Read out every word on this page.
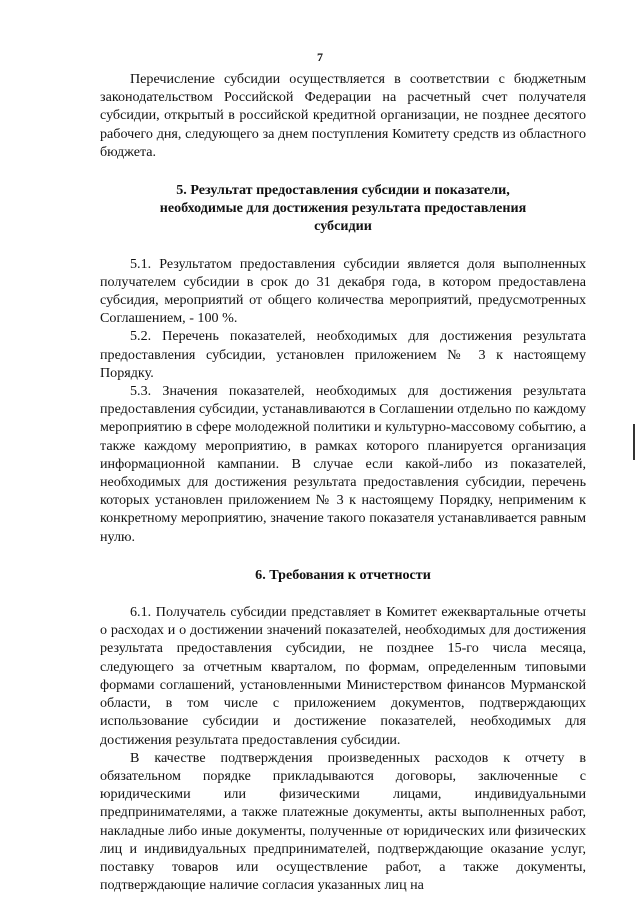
7

Перечисление субсидии осуществляется в соответствии с бюджетным законодательством Российской Федерации на расчетный счет получателя субсидии, открытый в российской кредитной организации, не позднее десятого рабочего дня, следующего за днем поступления Комитету средств из областного бюджета.

5. Результат предоставления субсидии и показатели,
необходимые для достижения результата предоставления
субсидии

5.1. Результатом предоставления субсидии является доля выполненных получателем субсидии в срок до 31 декабря года, в котором предоставлена субсидия, мероприятий от общего количества мероприятий, предусмотренных Соглашением, - 100 %.

5.2. Перечень показателей, необходимых для достижения результата предоставления субсидии, установлен приложением № 3 к настоящему Порядку.

5.3. Значения показателей, необходимых для достижения результата предоставления субсидии, устанавливаются в Соглашении отдельно по каждому мероприятию в сфере молодежной политики и культурно-массовому событию, а также каждому мероприятию, в рамках которого планируется организация информационной кампании. В случае если какой-либо из показателей, необходимых для достижения результата предоставления субсидии, перечень которых установлен приложением № 3 к настоящему Порядку, неприменим к конкретному мероприятию, значение такого показателя устанавливается равным нулю.

6. Требования к отчетности

6.1. Получатель субсидии представляет в Комитет ежеквартальные отчеты о расходах и о достижении значений показателей, необходимых для достижения результата предоставления субсидии, не позднее 15-го числа месяца, следующего за отчетным кварталом, по формам, определенным типовыми формами соглашений, установленными Министерством финансов Мурманской области, в том числе с приложением документов, подтверждающих использование субсидии и достижение показателей, необходимых для достижения результата предоставления субсидии.

В качестве подтверждения произведенных расходов к отчету в обязательном порядке прикладываются договоры, заключенные с юридическими или физическими лицами, индивидуальными предпринимателями, а также платежные документы, акты выполненных работ, накладные либо иные документы, полученные от юридических или физических лиц и индивидуальных предпринимателей, подтверждающие оказание услуг, поставку товаров или осуществление работ, а также документы, подтверждающие наличие согласия указанных лиц на
